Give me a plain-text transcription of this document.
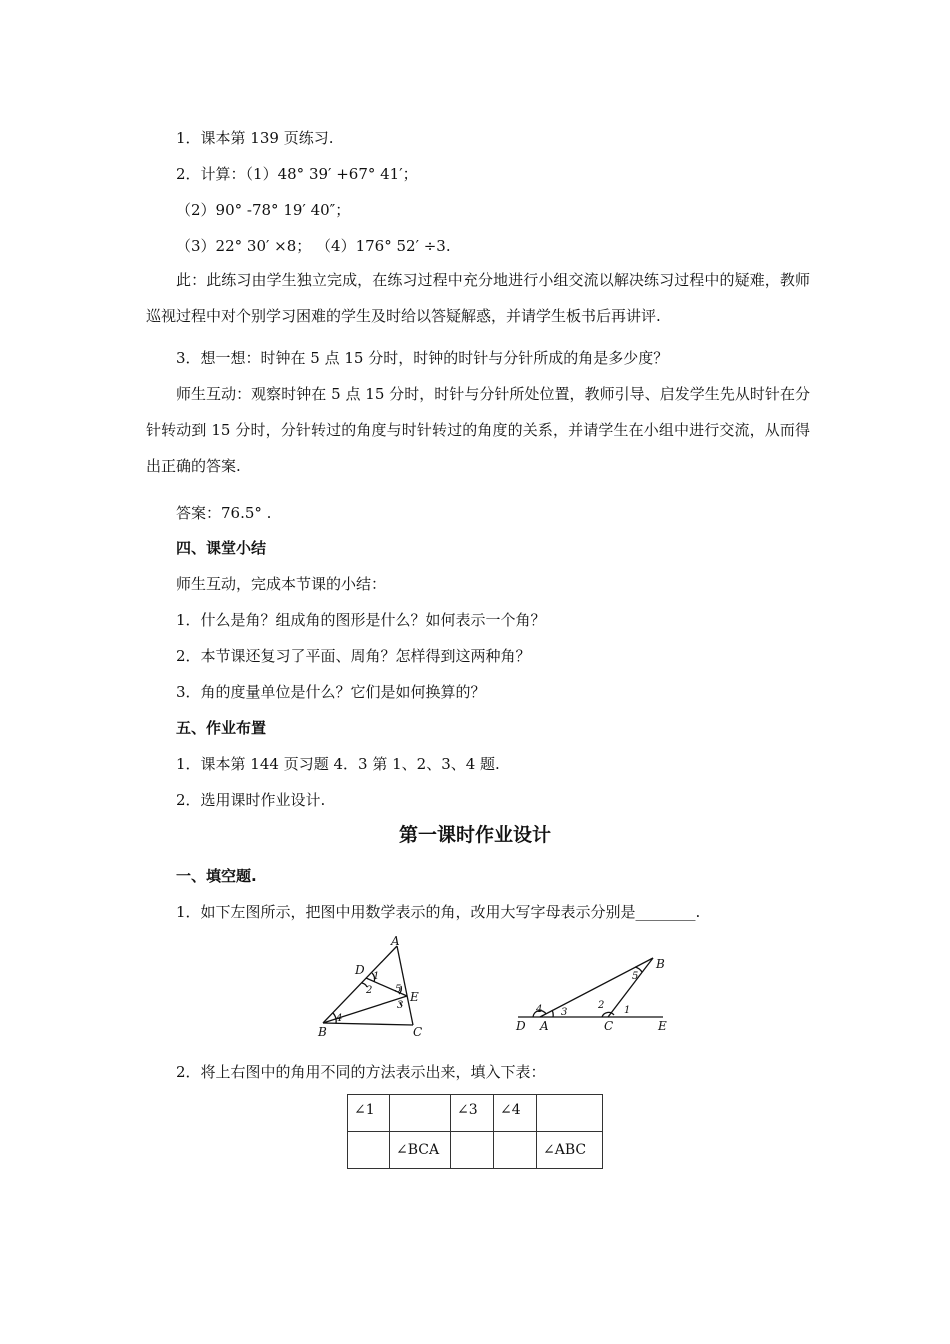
1．课本第 139 页练习.
2．计算：（1）48° 39′ +67° 41′；
（2）90° -78° 19′ 40″；
（3）22° 30′ ×8； （4）176° 52′ ÷3.
此：此练习由学生独立完成，在练习过程中充分地进行小组交流以解决练习过程中的疑难，教师巡视过程中对个别学习困难的学生及时给以答疑解惑，并请学生板书后再讲评.
3．想一想：时钟在 5 点 15 分时，时钟的时针与分针所成的角是多少度？
师生互动：观察时钟在 5 点 15 分时，时针与分针所处位置，教师引导、启发学生先从时针在分针转动到 15 分时，分针转过的角度与时针转过的角度的关系，并请学生在小组中进行交流，从而得出正确的答案.
答案：76.5° .
四、课堂小结
师生互动，完成本节课的小结：
1．什么是角？组成角的图形是什么？如何表示一个角？
2．本节课还复习了平面、周角？怎样得到这两种角？
3．角的度量单位是什么？它们是如何换算的？
五、作业布置
1．课本第 144 页习题 4．3 第 1、2、3、4 题.
2．选用课时作业设计.
第一课时作业设计
一、填空题.
1．如下左图所示，把图中用数学表示的角，改用大写字母表示分别是________.
A
D 1
2 5
E
3
B
4
C
B
5
4 3
2 1
D A	C	E
2．将上右图中的角用不同的方法表示出来，填入下表：
∠1		∠3	∠4	
	∠BCA			∠ABC
